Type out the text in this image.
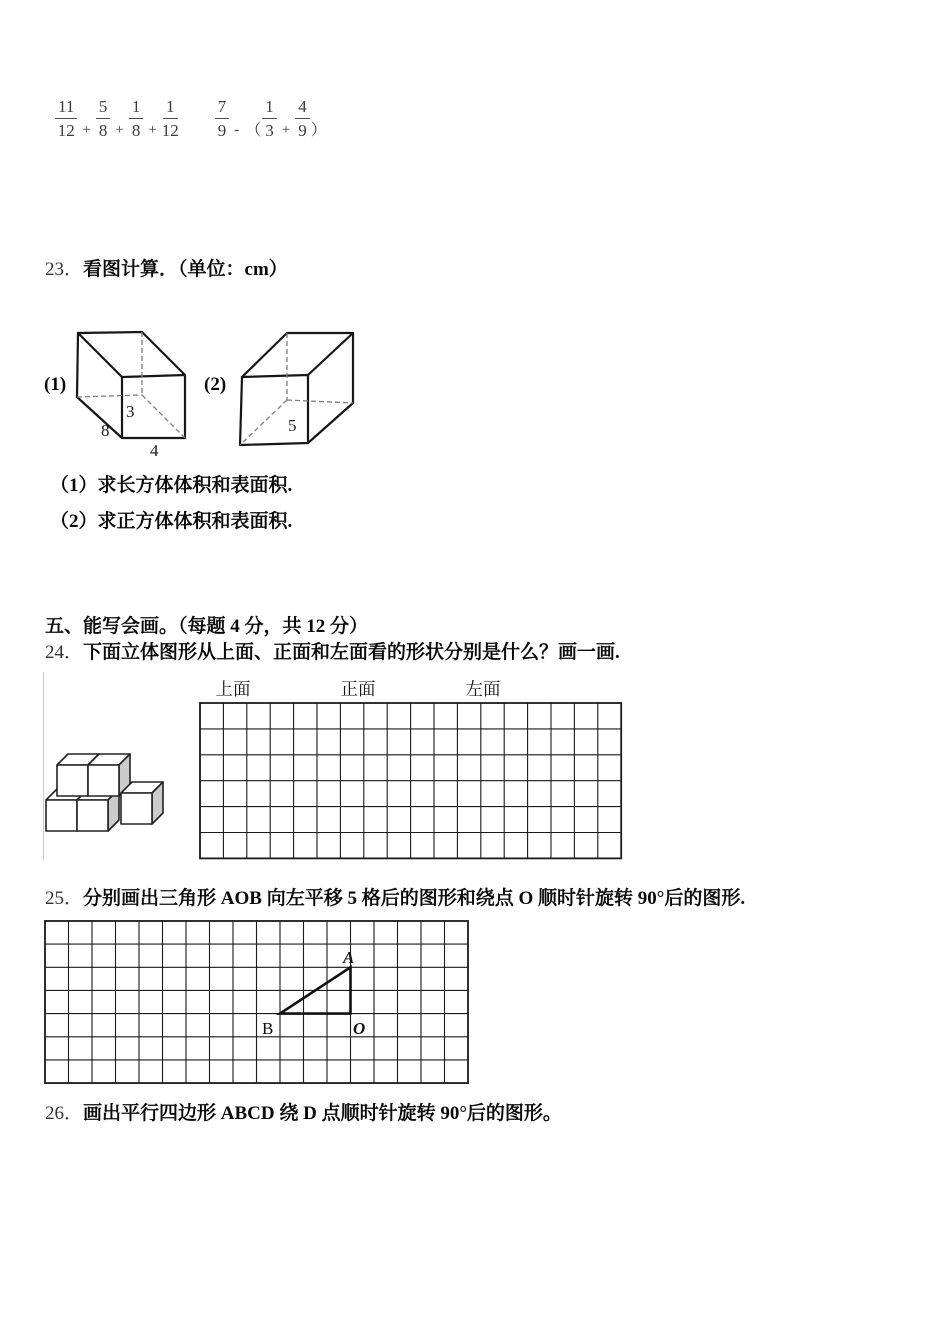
$\frac{11}{12} + \frac{5}{8} + \frac{1}{8} + \frac{1}{12} \frac{7}{9}$ - （ $\frac{1}{3} + \frac{4}{9}$ ）
23．看图计算．（单位：cm）
(1)
3
8
4
(2)
5
（1）求长方体体积和表面积.
（2）求正方体体积和表面积.
五、能写会画。（每题 4 分，共 12 分）
24．下面立体图形从上面、正面和左面看的形状分别是什么？画一画.
上面	正面	左面
25．分别画出三角形 AOB 向左平移 5 格后的图形和绕点 O 顺时针旋转 90°后的图形.
A
B	O
26．画出平行四边形 ABCD 绕 D 点顺时针旋转 90°后的图形。
